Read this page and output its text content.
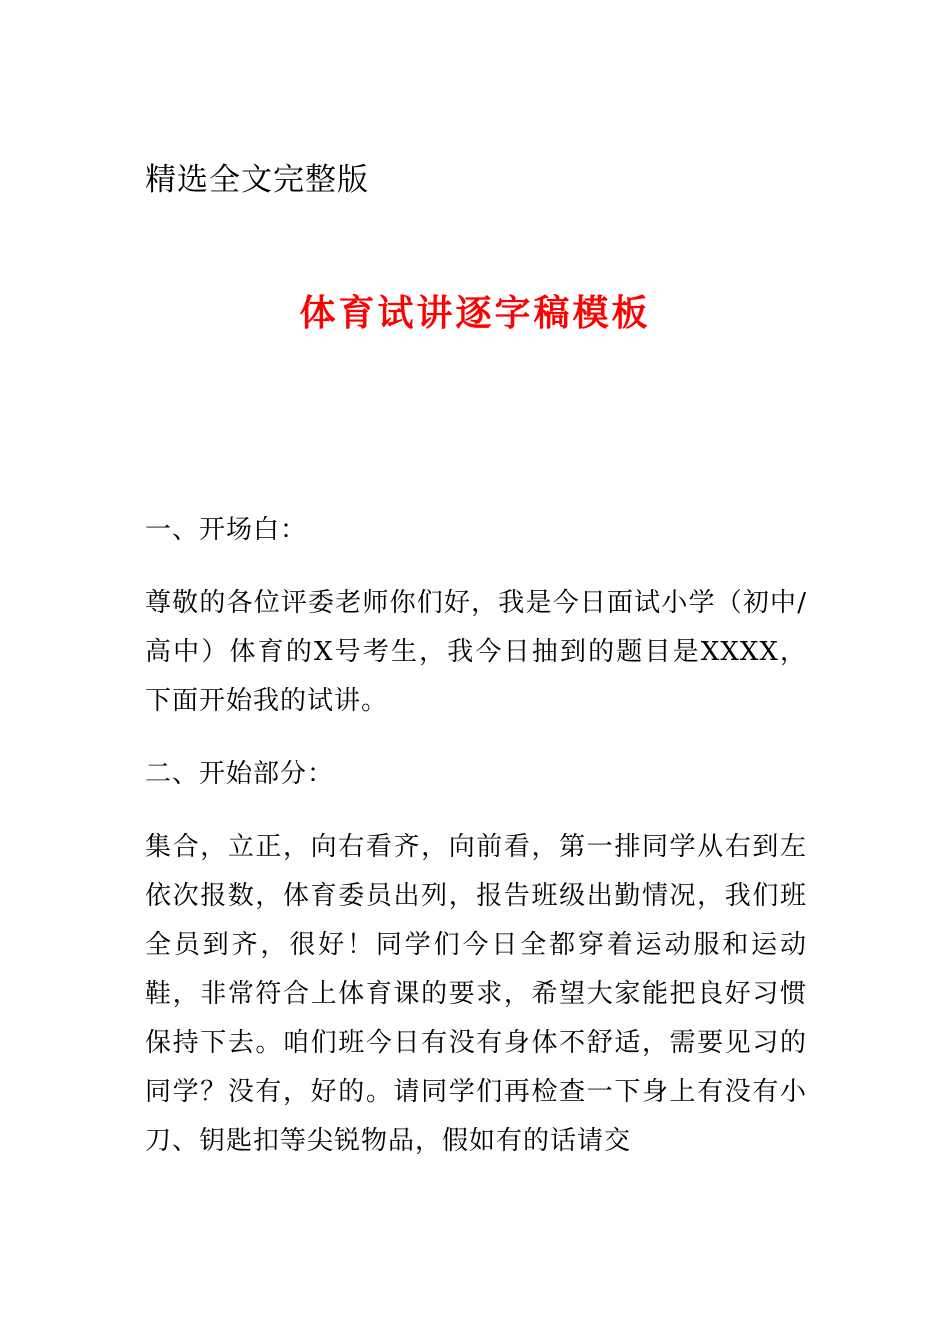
精选全文完整版
体育试讲逐字稿模板
一、开场白：
尊敬的各位评委老师你们好，我是今日面试小学（初中/高中）体育的X号考生，我今日抽到的题目是XXXX，下面开始我的试讲。
二、开始部分：
集合，立正，向右看齐，向前看，第一排同学从右到左依次报数，体育委员出列，报告班级出勤情况，我们班全员到齐，很好！同学们今日全都穿着运动服和运动鞋，非常符合上体育课的要求，希望大家能把良好习惯保持下去。咱们班今日有没有身体不舒适，需要见习的同学？没有，好的。请同学们再检查一下身上有没有小刀、钥匙扣等尖锐物品，假如有的话请交
